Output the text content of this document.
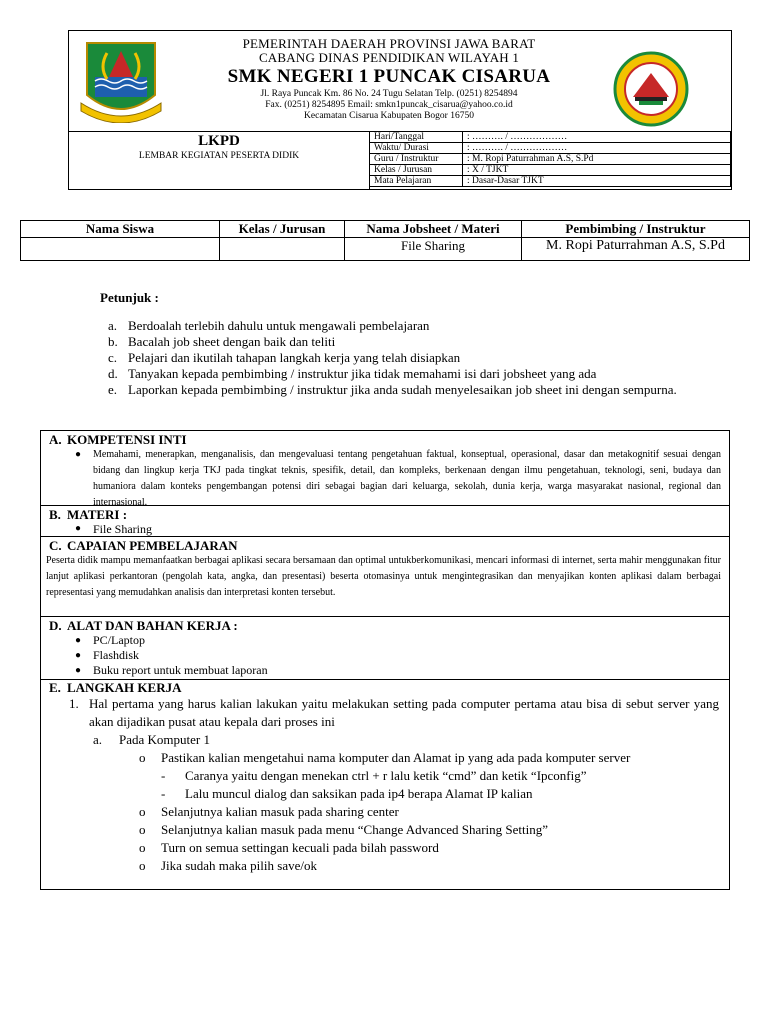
PEMERINTAH DAERAH PROVINSI JAWA BARAT
CABANG DINAS PENDIDIKAN WILAYAH 1
SMK NEGERI 1 PUNCAK CISARUA
Jl. Raya Puncak Km. 86 No. 24 Tugu Selatan Telp. (0251) 8254894
Fax. (0251) 8254895 Email: smkn1puncak_cisarua@yahoo.co.id
Kecamatan Cisarua Kabupaten Bogor 16750
LKPD
LEMBAR KEGIATAN PESERTA DIDIK
Hari/Tanggal	: ………. / ………………
Waktu/ Durasi	: ………. / ………………
Guru / Instruktur	: M. Ropi Paturrahman A.S, S.Pd
Kelas / Jurusan	: X / TJKT
Mata Pelajaran	: Dasar-Dasar TJKT
Nama Siswa	Kelas / Jurusan	Nama Jobsheet / Materi	Pembimbing / Instruktur
		File Sharing	M. Ropi Paturrahman A.S, S.Pd
Petunjuk :
a. Berdoalah terlebih dahulu untuk mengawali pembelajaran
b. Bacalah job sheet dengan baik dan teliti
c. Pelajari dan ikutilah tahapan langkah kerja yang telah disiapkan
d. Tanyakan kepada pembimbing / instruktur jika tidak memahami isi dari jobsheet yang ada
e. Laporkan kepada pembimbing / instruktur jika anda sudah menyelesaikan job sheet ini dengan sempurna.
A. KOMPETENSI INTI
● Memahami, menerapkan, menganalisis, dan mengevaluasi tentang pengetahuan faktual, konseptual, operasional, dasar dan metakognitif sesuai dengan bidang dan lingkup kerja TKJ pada tingkat teknis, spesifik, detail, dan kompleks, berkenaan dengan ilmu pengetahuan, teknologi, seni, budaya dan humaniora dalam konteks pengembangan potensi diri sebagai bagian dari keluarga, sekolah, dunia kerja, warga masyarakat nasional, regional dan internasional.
B. MATERI :
● File Sharing
C. CAPAIAN PEMBELAJARAN
Peserta didik mampu memanfaatkan berbagai aplikasi secara bersamaan dan optimal untukberkomunikasi, mencari informasi di internet, serta mahir menggunakan fitur lanjut aplikasi perkantoran (pengolah kata, angka, dan presentasi) beserta otomasinya untuk mengintegrasikan dan menyajikan konten aplikasi dalam berbagai representasi yang memudahkan analisis dan interpretasi konten tersebut.
D. ALAT DAN BAHAN KERJA :
● PC/Laptop
● Flashdisk
● Buku report untuk membuat laporan
E. LANGKAH KERJA
1. Hal pertama yang harus kalian lakukan yaitu melakukan setting pada computer pertama atau bisa di sebut server yang akan dijadikan pusat atau kepala dari proses ini
a. Pada Komputer 1
o Pastikan kalian mengetahui nama komputer dan Alamat ip yang ada pada komputer server
- Caranya yaitu dengan menekan ctrl + r lalu ketik “cmd” dan ketik “Ipconfig”
- Lalu muncul dialog dan saksikan pada ip4 berapa Alamat IP kalian
o Selanjutnya kalian masuk pada sharing center
o Selanjutnya kalian masuk pada menu “Change Advanced Sharing Setting”
o Turn on semua settingan kecuali pada bilah password
o Jika sudah maka pilih save/ok
